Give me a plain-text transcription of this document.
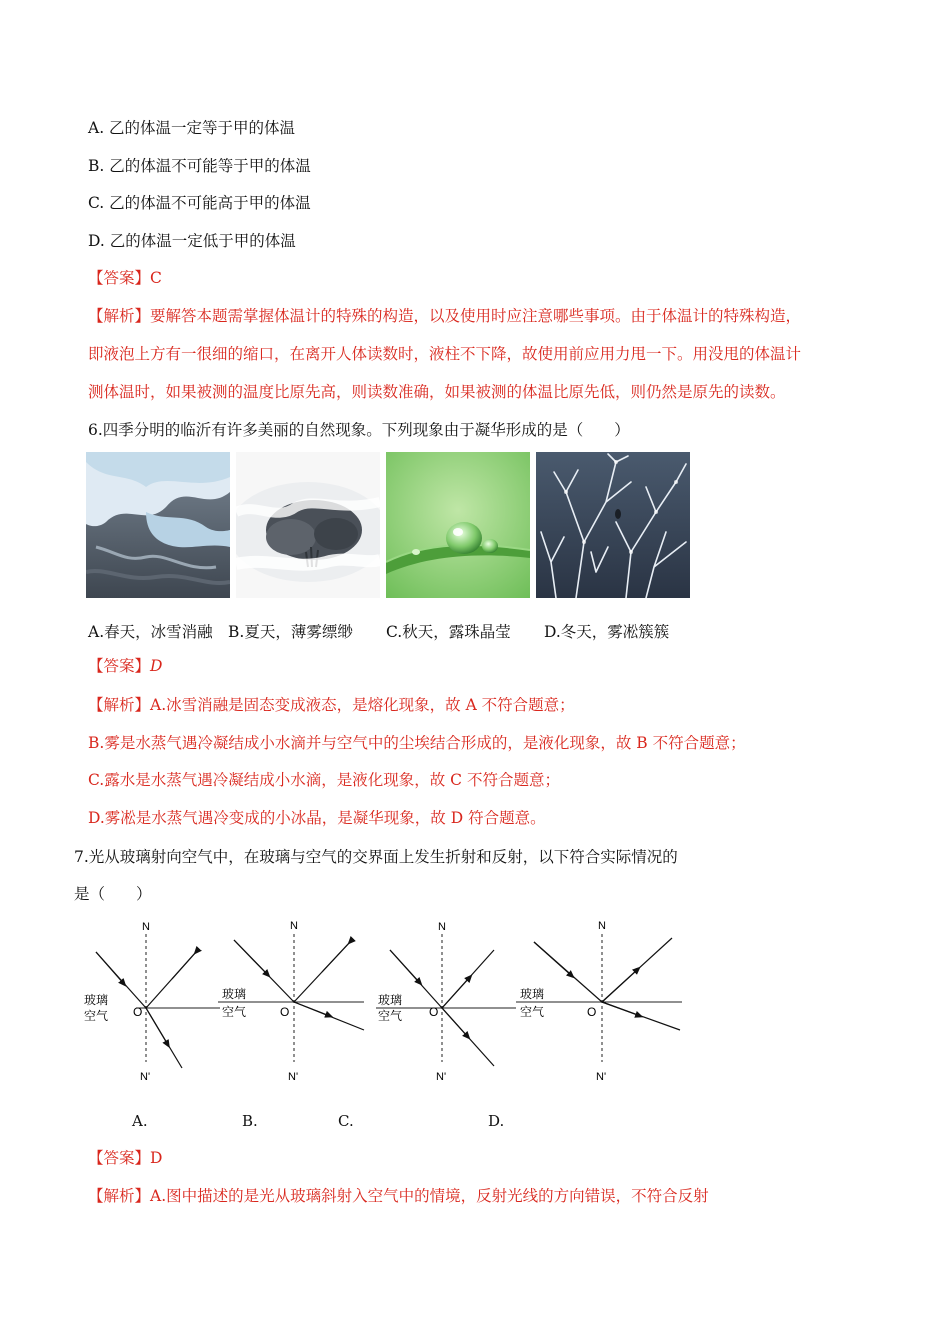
A. 乙的体温一定等于甲的体温
B. 乙的体温不可能等于甲的体温
C. 乙的体温不可能高于甲的体温
D. 乙的体温一定低于甲的体温
【答案】C
【解析】要解答本题需掌握体温计的特殊的构造，以及使用时应注意哪些事项。由于体温计的特殊构造，
即液泡上方有一很细的缩口，在离开人体读数时，液柱不下降，故使用前应用力甩一下。用没甩的体温计
测体温时，如果被测的温度比原先高，则读数准确，如果被测的体温比原先低，则仍然是原先的读数。
6.四季分明的临沂有许多美丽的自然现象。下列现象由于凝华形成的是（　　）
A.春天，冰雪消融 B.夏天，薄雾缥缈 C.秋天，露珠晶莹 D.冬天，雾凇簇簇
【答案】D
【解析】A.冰雪消融是固态变成液态，是熔化现象，故 A 不符合题意；
B.雾是水蒸气遇冷凝结成小水滴并与空气中的尘埃结合形成的，是液化现象，故 B 不符合题意；
C.露水是水蒸气遇冷凝结成小水滴，是液化现象，故 C 不符合题意；
D.雾凇是水蒸气遇冷变成的小冰晶，是凝华现象，故 D 符合题意。
7.光从玻璃射向空气中，在玻璃与空气的交界面上发生折射和反射，以下符合实际情况的
是（　　）
N
N'
O
玻璃
空气
N
N'
O
玻璃
空气
N
N'
O
玻璃
空气
N
N'
O
玻璃
空气
A.	B.	C.	D.
【答案】D
【解析】A.图中描述的是光从玻璃斜射入空气中的情境，反射光线的方向错误，不符合反射
